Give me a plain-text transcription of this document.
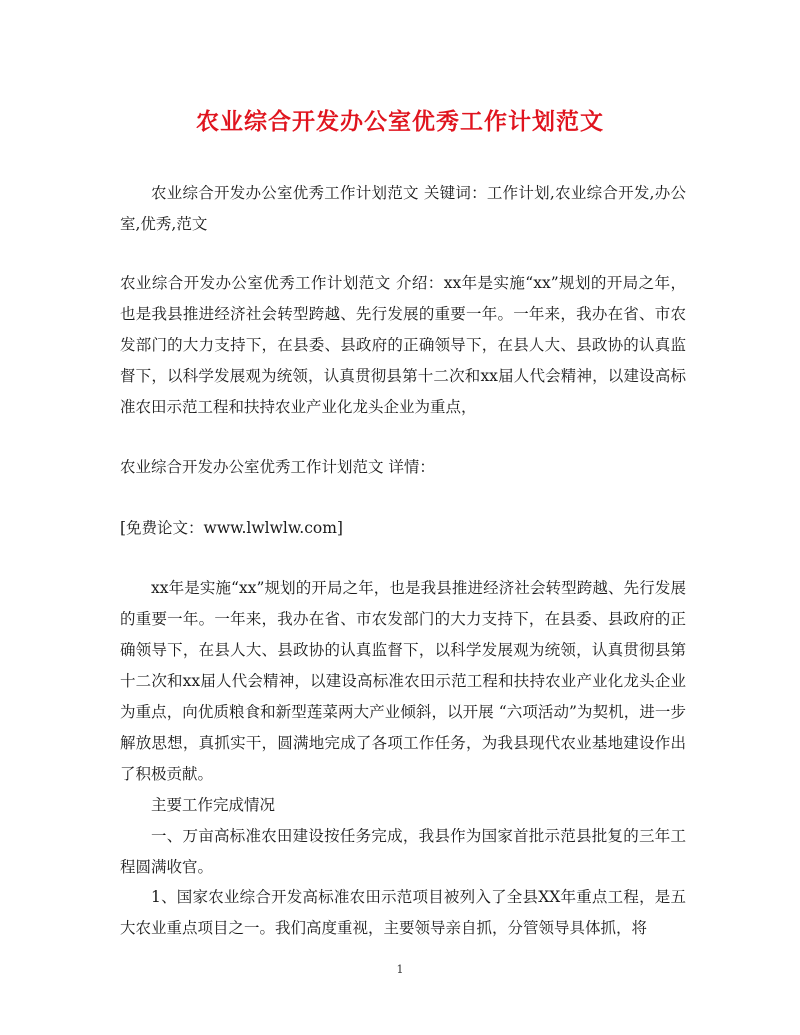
农业综合开发办公室优秀工作计划范文

农业综合开发办公室优秀工作计划范文 关键词：工作计划,农业综合开发,办公室,优秀,范文

农业综合开发办公室优秀工作计划范文 介绍：xx年是实施“xx”规划的开局之年，也是我县推进经济社会转型跨越、先行发展的重要一年。一年来，我办在省、市农发部门的大力支持下，在县委、县政府的正确领导下，在县人大、县政协的认真监督下，以科学发展观为统领，认真贯彻县第十二次和xx届人代会精神，以建设高标准农田示范工程和扶持农业产业化龙头企业为重点，

农业综合开发办公室优秀工作计划范文 详情：

[免费论文：www.lwlwlw.com]

xx年是实施“xx”规划的开局之年，也是我县推进经济社会转型跨越、先行发展的重要一年。一年来，我办在省、市农发部门的大力支持下，在县委、县政府的正确领导下，在县人大、县政协的认真监督下，以科学发展观为统领，认真贯彻县第十二次和xx届人代会精神，以建设高标准农田示范工程和扶持农业产业化龙头企业为重点，向优质粮食和新型莲菜两大产业倾斜，以开展 “六项活动”为契机，进一步解放思想，真抓实干，圆满地完成了各项工作任务，为我县现代农业基地建设作出了积极贡献。

主要工作完成情况

一、万亩高标准农田建设按任务完成，我县作为国家首批示范县批复的三年工程圆满收官。

1、国家农业综合开发高标准农田示范项目被列入了全县XX年重点工程，是五大农业重点项目之一。我们高度重视，主要领导亲自抓，分管领导具体抓，将

1
